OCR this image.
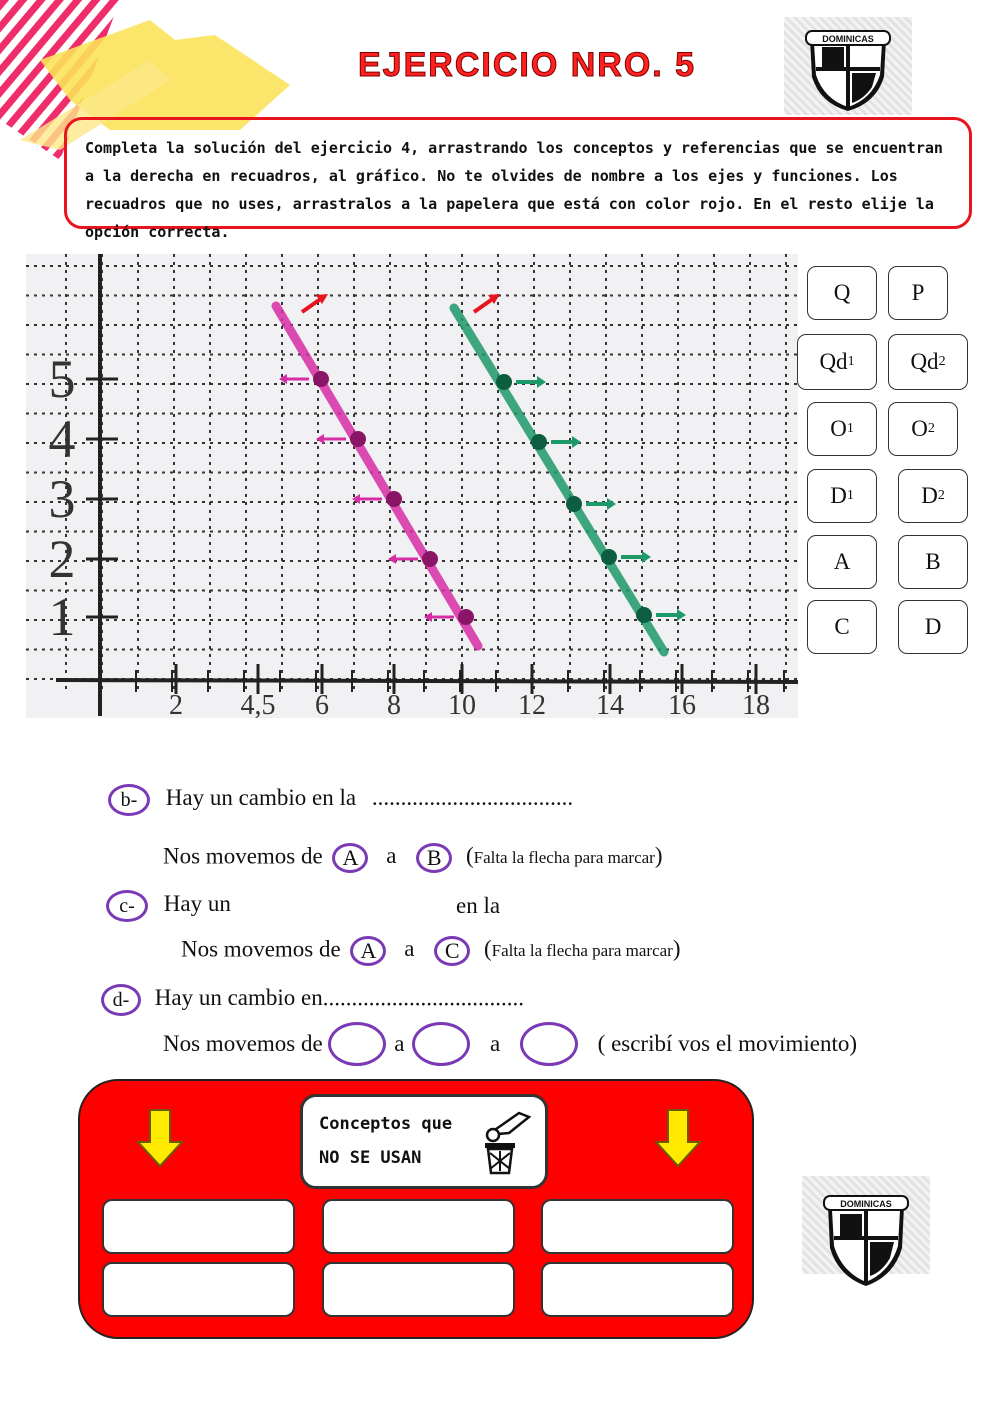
EJERCICIO NRO. 5
DOMINICAS
Completa la solución del ejercicio 4, arrastrando los conceptos y referencias que se encuentran a la derecha en recuadros, al gráfico. No te olvides de nombre a los ejes y funciones. Los recuadros que no uses, arrastralos a la papelera que está con color rojo. En el resto elije la opción correcta.
5
4
3
2
1
2 4,5 6 8 10 12 14 16 18
Q	P
Qd 1 Qd 2
O 1 O 2
D 1	D 2
A	B
C	D
b- Hay un cambio en la ...................................
Nos movemos de A a B (Falta la flecha para marcar)
c- Hay un	en la
Nos movemos de A a C (Falta la flecha para marcar)
d- Hay un cambio en...................................
Nos movemos de	a	a	( escribí vos el movimiento)
Conceptos que
NO SE USAN
DOMINICAS
